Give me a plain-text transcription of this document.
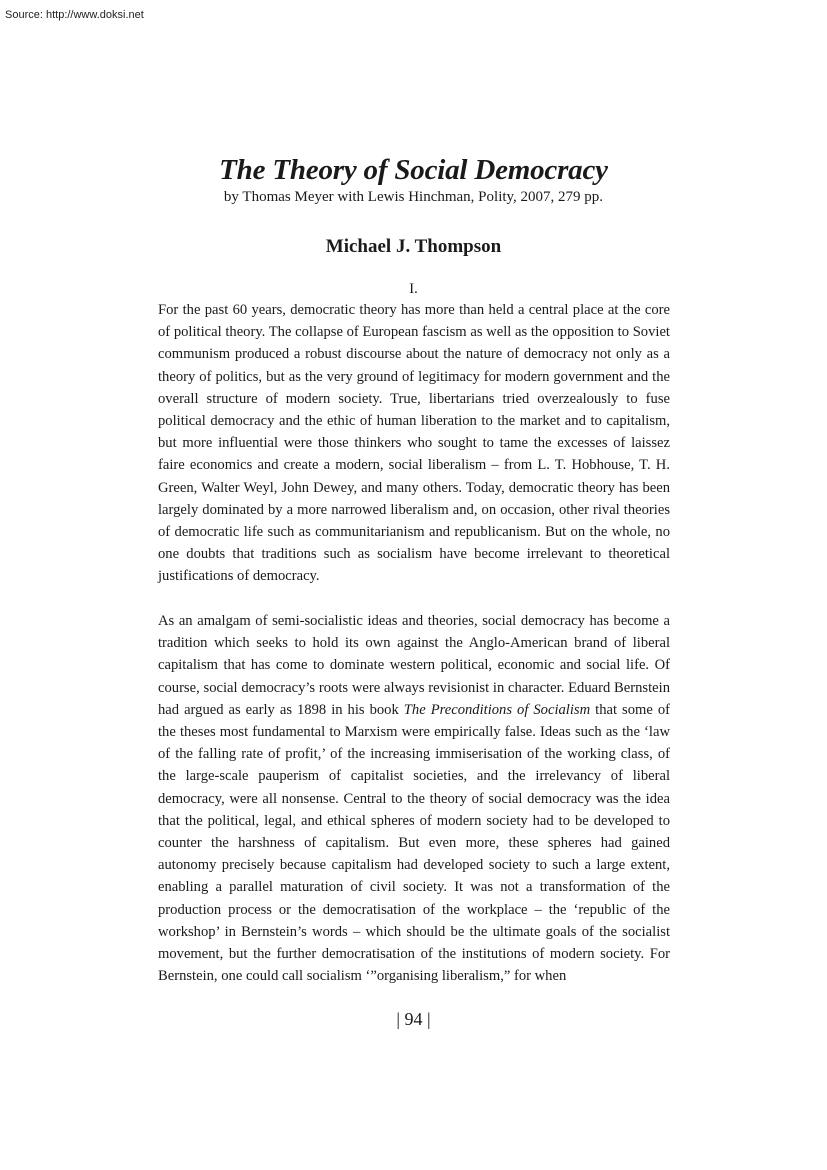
Source: http://www.doksi.net

The Theory of Social Democracy

by Thomas Meyer with Lewis Hinchman, Polity, 2007, 279 pp.

Michael J. Thompson

I.

For the past 60 years, democratic theory has more than held a central place at the core of political theory. The collapse of European fascism as well as the opposition to Soviet communism produced a robust discourse about the nature of democracy not only as a theory of politics, but as the very ground of legitimacy for modern government and the overall structure of modern society. True, libertarians tried overzealously to fuse political democracy and the ethic of human liberation to the market and to capitalism, but more influential were those thinkers who sought to tame the excesses of laissez faire economics and create a modern, social liberalism – from L. T. Hobhouse, T. H. Green, Walter Weyl, John Dewey, and many others. Today, democratic theory has been largely dominated by a more narrowed liberalism and, on occasion, other rival theories of democratic life such as communitarianism and republicanism. But on the whole, no one doubts that traditions such as socialism have become irrelevant to theoretical justifications of democracy.

As an amalgam of semi-socialistic ideas and theories, social democracy has become a tradition which seeks to hold its own against the Anglo-American brand of liberal capitalism that has come to dominate western political, economic and social life. Of course, social democracy’s roots were always revisionist in character. Eduard Bernstein had argued as early as 1898 in his book The Preconditions of Socialism that some of the theses most fundamental to Marxism were empirically false. Ideas such as the ‘law of the falling rate of profit,’ of the increasing immiserisation of the working class, of the large-scale pauperism of capitalist societies, and the irrelevancy of liberal democracy, were all nonsense. Central to the theory of social democracy was the idea that the political, legal, and ethical spheres of modern society had to be developed to counter the harshness of capitalism. But even more, these spheres had gained autonomy precisely because capitalism had developed society to such a large extent, enabling a parallel maturation of civil society. It was not a transformation of the production process or the democratisation of the workplace – the ‘republic of the workshop’ in Bernstein’s words – which should be the ultimate goals of the socialist movement, but the further democratisation of the institutions of modern society. For Bernstein, one could call socialism ‘”organising liberalism,” for when

| 94 |
